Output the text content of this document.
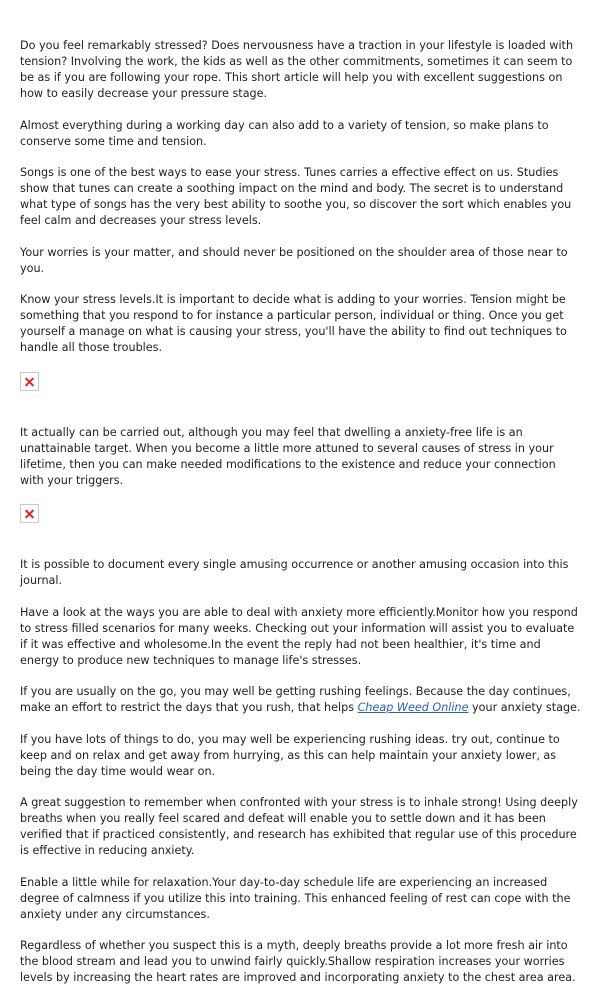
Do you feel remarkably stressed? Does nervousness have a traction in your lifestyle is loaded with tension? Involving the work, the kids as well as the other commitments, sometimes it can seem to be as if you are following your rope. This short article will help you with excellent suggestions on how to easily decrease your pressure stage.

Almost everything during a working day can also add to a variety of tension, so make plans to conserve some time and tension.

Songs is one of the best ways to ease your stress. Tunes carries a effective effect on us. Studies show that tunes can create a soothing impact on the mind and body. The secret is to understand what type of songs has the very best ability to soothe you, so discover the sort which enables you feel calm and decreases your stress levels.

Your worries is your matter, and should never be positioned on the shoulder area of those near to you.

Know your stress levels.It is important to decide what is adding to your worries. Tension might be something that you respond to for instance a particular person, individual or thing. Once you get yourself a manage on what is causing your stress, you'll have the ability to find out techniques to handle all those troubles.

It actually can be carried out, although you may feel that dwelling a anxiety-free life is an unattainable target. When you become a little more attuned to several causes of stress in your lifetime, then you can make needed modifications to the existence and reduce your connection with your triggers.

It is possible to document every single amusing occurrence or another amusing occasion into this journal.

Have a look at the ways you are able to deal with anxiety more efficiently.Monitor how you respond to stress filled scenarios for many weeks. Checking out your information will assist you to evaluate if it was effective and wholesome.In the event the reply had not been healthier, it's time and energy to produce new techniques to manage life's stresses.

If you are usually on the go, you may well be getting rushing feelings. Because the day continues, make an effort to restrict the days that you rush, that helps Cheap Weed Online your anxiety stage.

If you have lots of things to do, you may well be experiencing rushing ideas. try out, continue to keep and on relax and get away from hurrying, as this can help maintain your anxiety lower, as being the day time would wear on.

A great suggestion to remember when confronted with your stress is to inhale strong! Using deeply breaths when you really feel scared and defeat will enable you to settle down and it has been verified that if practiced consistently, and research has exhibited that regular use of this procedure is effective in reducing anxiety.

Enable a little while for relaxation.Your day-to-day schedule life are experiencing an increased degree of calmness if you utilize this into training. This enhanced feeling of rest can cope with the anxiety under any circumstances.

Regardless of whether you suspect this is a myth, deeply breaths provide a lot more fresh air into the blood stream and lead you to unwind fairly quickly.Shallow respiration increases your worries levels by increasing the heart rates are improved and incorporating anxiety to the chest area area.
